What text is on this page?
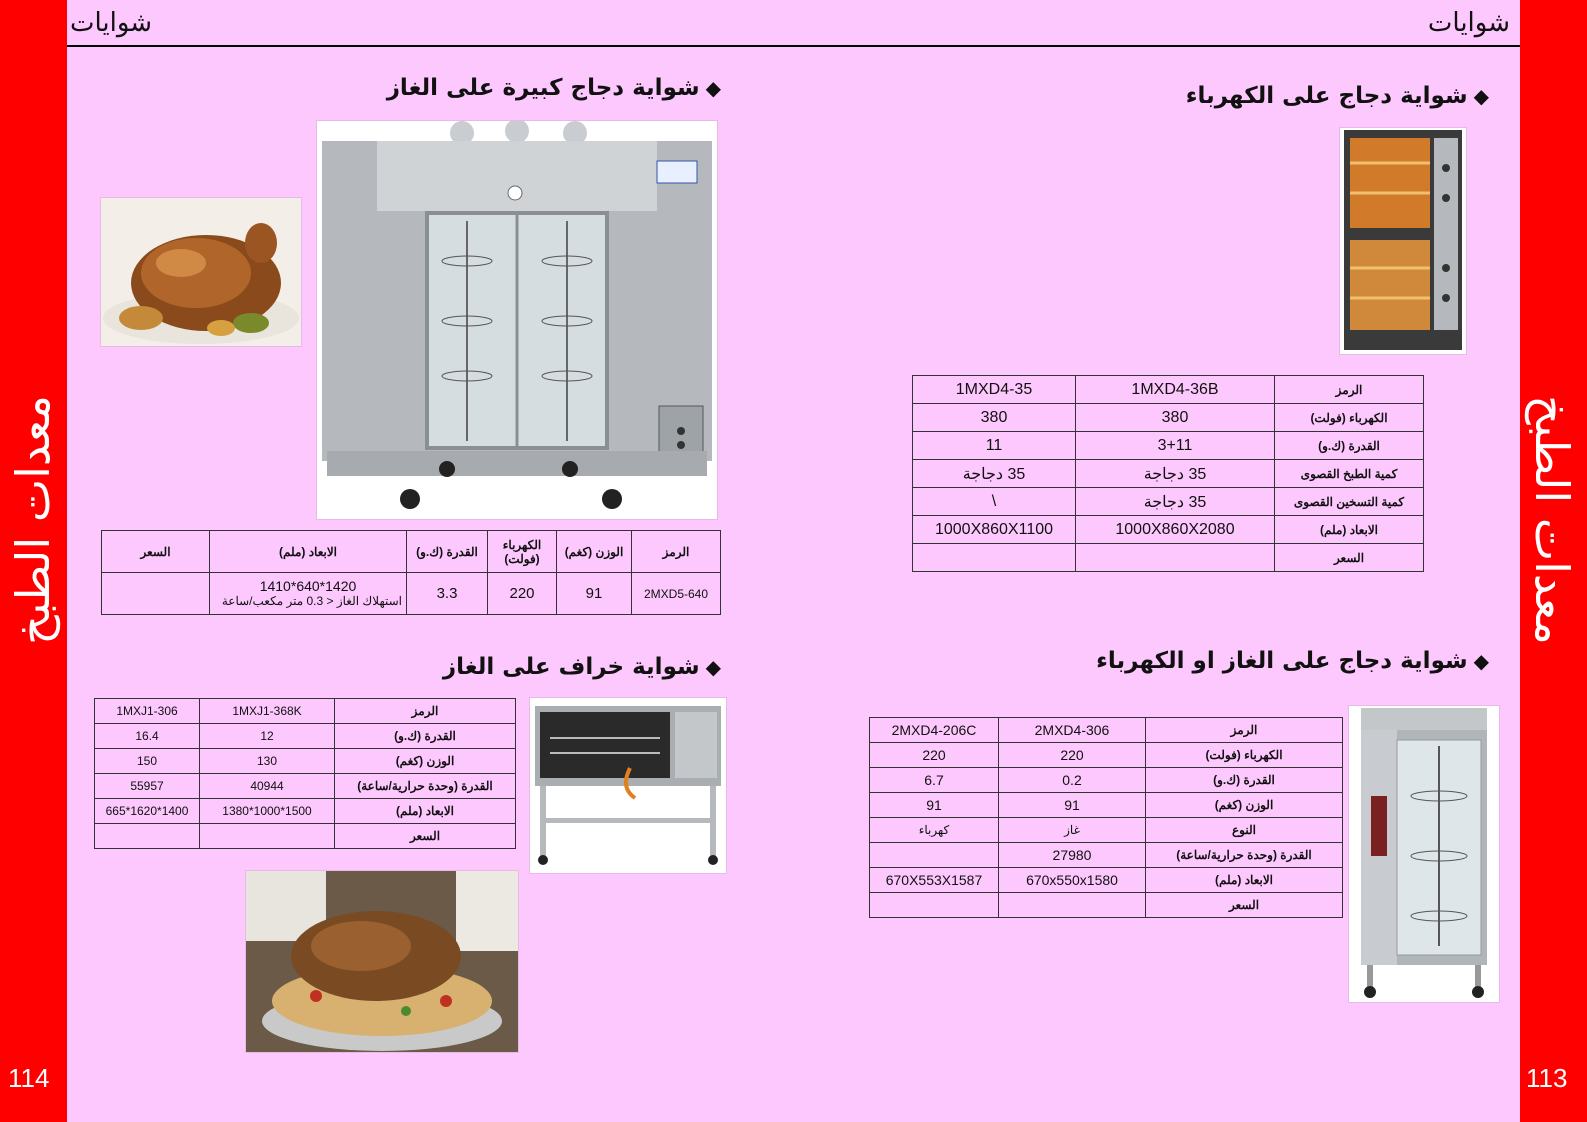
معدات الطبخ	معدات الطبخ
114	113
شوايات	شوايات
◆شواية دجاج كبيرة على الغاز
الرمز	الوزن (كغم)	الكهرباء (فولت)	القدرة (ك.و)	الابعاد (ملم)	السعر
2MXD5-640	91	220	3.3	1420*640*1410
استهلاك الغاز < 0.3 متر مكعب/ساعة	

◆شواية خراف على الغاز
الرمز	1MXJ1-368K	1MXJ1-306
القدرة (ك.و)	12	16.4
الوزن (كغم)	130	150
القدرة (وحدة حرارية/ساعة)	40944	55957
الابعاد (ملم)	1500*1000*1380	1400*1620*665
السعر		
◆شواية دجاج على الكهرباء
الرمز	1MXD4-36B	1MXD4-35
الكهرباء (فولت)	380	380
القدرة (ك.و)	3+11	11
كمية الطبخ القصوى	35 دجاجة	35 دجاجة
كمية التسخين القصوى	35 دجاجة	\
الابعاد (ملم)	1000X860X2080	1000X860X1100
السعر		
◆شواية دجاج على الغاز او الكهرباء
الرمز	2MXD4-306	2MXD4-206C
الكهرباء (فولت)	220	220
القدرة (ك.و)	0.2	6.7
الوزن (كغم)	91	91
النوع	غاز	كهرباء
القدرة (وحدة حرارية/ساعة)	27980	
الابعاد (ملم)	670x550x1580	670X553X1587
السعر		
